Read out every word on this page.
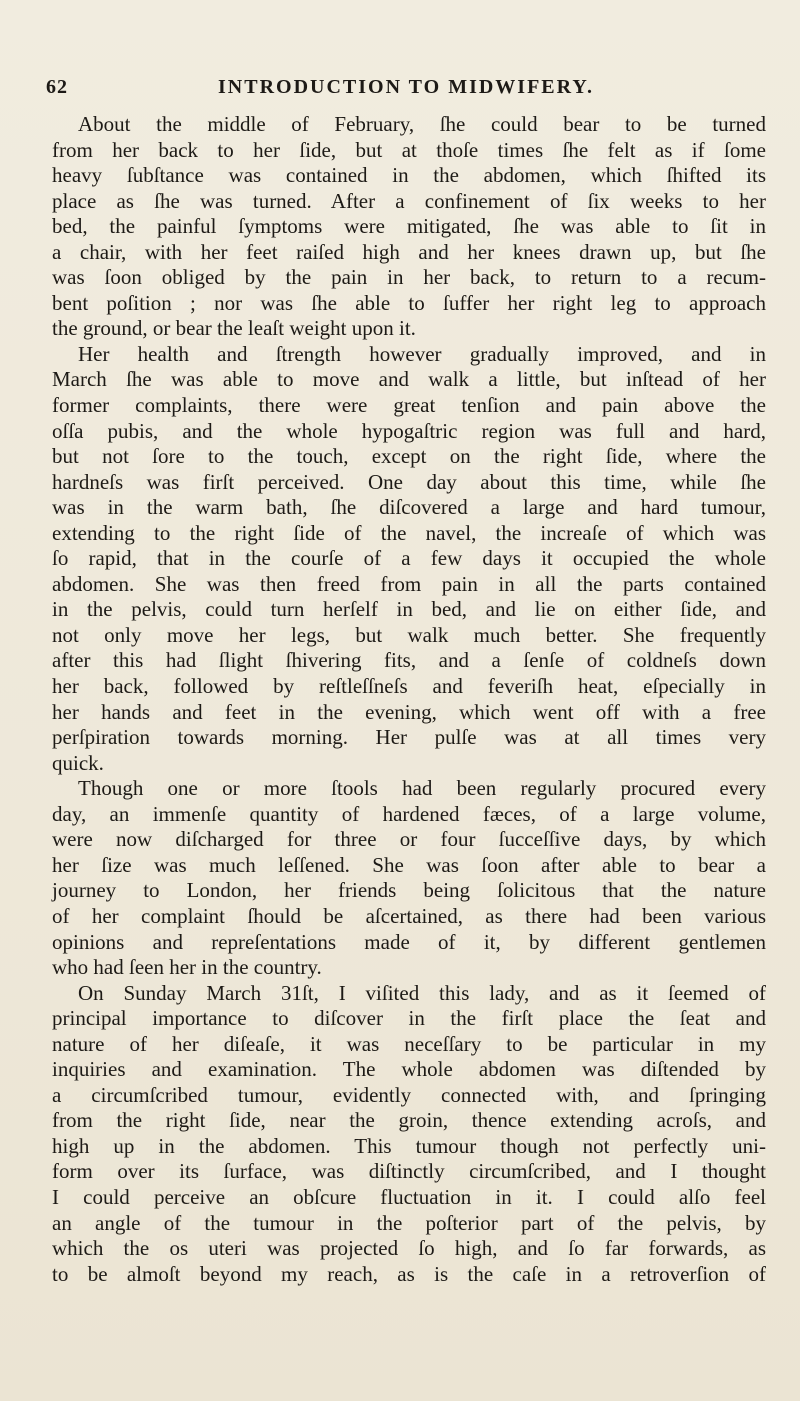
62	INTRODUCTION TO MIDWIFERY.
About the middle of February, ſhe could bear to be turned
from her back to her ſide, but at thoſe times ſhe felt as if ſome
heavy ſubſtance was contained in the abdomen, which ſhifted its
place as ſhe was turned. After a confinement of ſix weeks to her
bed, the painful ſymptoms were mitigated, ſhe was able to ſit in
a chair, with her feet raiſed high and her knees drawn up, but ſhe
was ſoon obliged by the pain in her back, to return to a recum-
bent poſition ; nor was ſhe able to ſuffer her right leg to approach
the ground, or bear the leaſt weight upon it.
Her health and ſtrength however gradually improved, and in
March ſhe was able to move and walk a little, but inſtead of her
former complaints, there were great tenſion and pain above the
oſſa pubis, and the whole hypogaſtric region was full and hard,
but not ſore to the touch, except on the right ſide, where the
hardneſs was firſt perceived. One day about this time, while ſhe
was in the warm bath, ſhe diſcovered a large and hard tumour,
extending to the right ſide of the navel, the increaſe of which was
ſo rapid, that in the courſe of a few days it occupied the whole
abdomen. She was then freed from pain in all the parts contained
in the pelvis, could turn herſelf in bed, and lie on either ſide, and
not only move her legs, but walk much better. She frequently
after this had ſlight ſhivering fits, and a ſenſe of coldneſs down
her back, followed by reſtleſſneſs and feveriſh heat, eſpecially in
her hands and feet in the evening, which went off with a free
perſpiration towards morning. Her pulſe was at all times very
quick.
Though one or more ſtools had been regularly procured every
day, an immenſe quantity of hardened fæces, of a large volume,
were now diſcharged for three or four ſucceſſive days, by which
her ſize was much leſſened. She was ſoon after able to bear a
journey to London, her friends being ſolicitous that the nature
of her complaint ſhould be aſcertained, as there had been various
opinions and repreſentations made of it, by different gentlemen
who had ſeen her in the country.
On Sunday March 31ſt, I viſited this lady, and as it ſeemed of
principal importance to diſcover in the firſt place the ſeat and
nature of her diſeaſe, it was neceſſary to be particular in my
inquiries and examination. The whole abdomen was diſtended by
a circumſcribed tumour, evidently connected with, and ſpringing
from the right ſide, near the groin, thence extending acroſs, and
high up in the abdomen. This tumour though not perfectly uni-
form over its ſurface, was diſtinctly circumſcribed, and I thought
I could perceive an obſcure fluctuation in it. I could alſo feel
an angle of the tumour in the poſterior part of the pelvis, by
which the os uteri was projected ſo high, and ſo far forwards, as
to be almoſt beyond my reach, as is the caſe in a retroverſion of
